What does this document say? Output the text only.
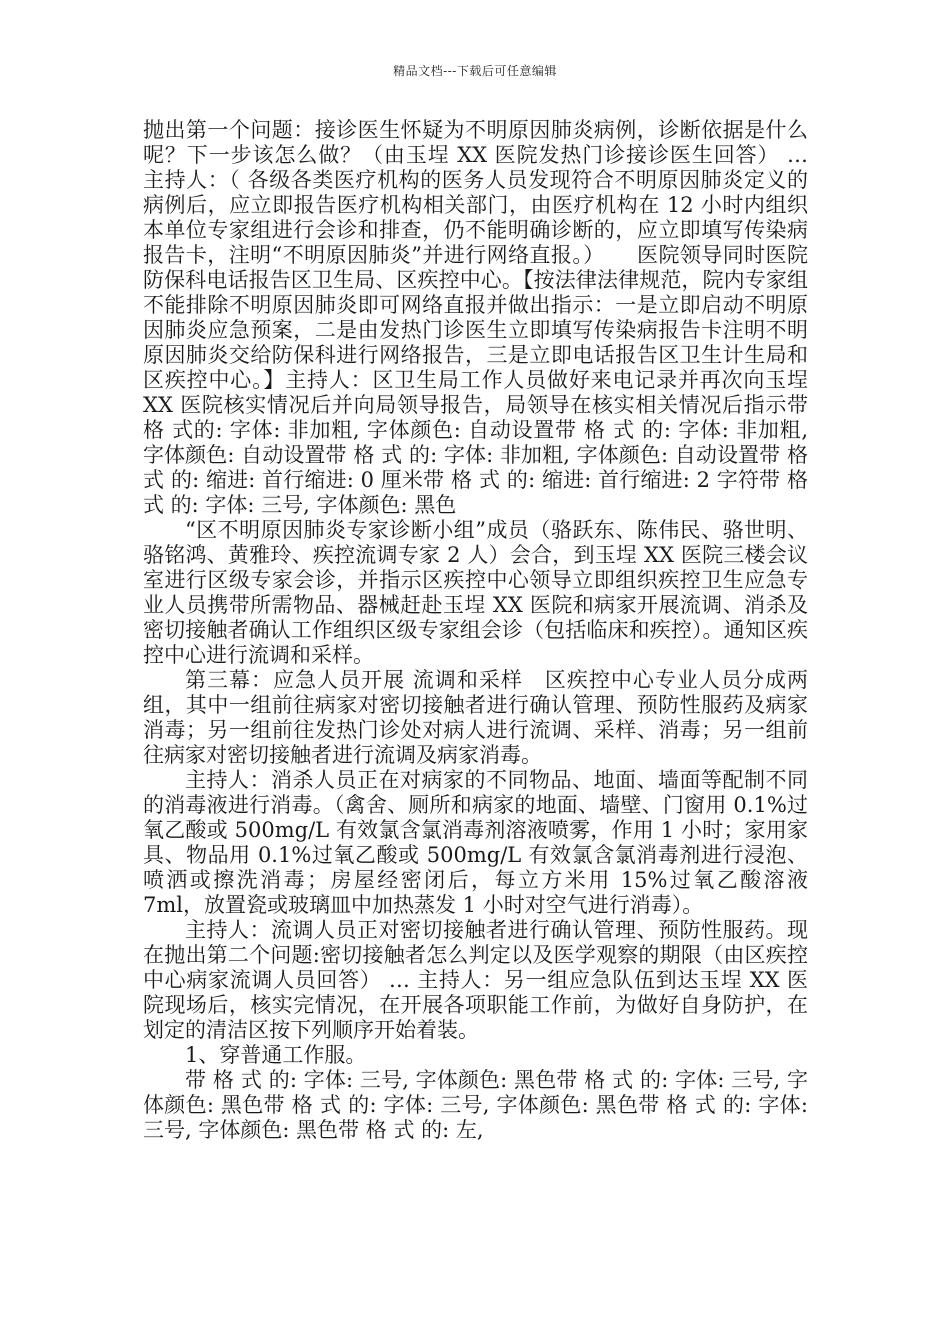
精品文档---下载后可任意编辑

抛出第一个问题：接诊医生怀疑为不明原因肺炎病例，诊断依据是什么呢？下一步该怎么做？（由玉埕 XX 医院发热门诊接诊医生回答） … 主持人：（ 各级各类医疗机构的医务人员发现符合不明原因肺炎定义的病例后，应立即报告医疗机构相关部门，由医疗机构在 12 小时内组织本单位专家组进行会诊和排查，仍不能明确诊断的，应立即填写传染病报告卡，注明“不明原因肺炎”并进行网络直报。）　　医院领导同时医院防保科电话报告区卫生局、区疾控中心。【按法律法律规范，院内专家组不能排除不明原因肺炎即可网络直报并做出指示：一是立即启动不明原因肺炎应急预案，二是由发热门诊医生立即填写传染病报告卡注明不明原因肺炎交给防保科进行网络报告，三是立即电话报告区卫生计生局和区疾控中心。】主持人：区卫生局工作人员做好来电记录并再次向玉埕 XX 医院核实情况后并向局领导报告，局领导在核实相关情况后指示带 格 式的: 字体: 非加粗, 字体颜色: 自动设置带 格 式 的: 字体: 非加粗, 字体颜色: 自动设置带 格 式 的: 字体: 非加粗, 字体颜色: 自动设置带 格 式 的: 缩进: 首行缩进: 0 厘米带 格 式 的: 缩进: 首行缩进: 2 字符带 格 式 的: 字体: 三号, 字体颜色: 黑色

“区不明原因肺炎专家诊断小组”成员（骆跃东、陈伟民、骆世明、骆铭鸿、黄雅玲、疾控流调专家 2 人）会合，到玉埕 XX 医院三楼会议室进行区级专家会诊，并指示区疾控中心领导立即组织疾控卫生应急专业人员携带所需物品、器械赶赴玉埕 XX 医院和病家开展流调、消杀及密切接触者确认工作组织区级专家组会诊（包括临床和疾控）。通知区疾控中心进行流调和采样。

第三幕：应急人员开展 流调和采样　区疾控中心专业人员分成两组，其中一组前往病家对密切接触者进行确认管理、预防性服药及病家消毒；另一组前往发热门诊处对病人进行流调、采样、消毒；另一组前往病家对密切接触者进行流调及病家消毒。

主持人：消杀人员正在对病家的不同物品、地面、墙面等配制不同的消毒液进行消毒。（禽舍、厕所和病家的地面、墙壁、门窗用 0.1%过氧乙酸或 500mg/L 有效氯含氯消毒剂溶液喷雾，作用 1 小时；家用家具、物品用 0.1%过氧乙酸或 500mg/L 有效氯含氯消毒剂进行浸泡、喷洒或擦洗消毒；房屋经密闭后，每立方米用 15%过氧乙酸溶液 7ml，放置瓷或玻璃皿中加热蒸发 1 小时对空气进行消毒）。

主持人：流调人员正对密切接触者进行确认管理、预防性服药。现在抛出第二个问题:密切接触者怎么判定以及医学观察的期限（由区疾控中心病家流调人员回答） … 主持人：另一组应急队伍到达玉埕 XX 医院现场后，核实完情况，在开展各项职能工作前，为做好自身防护，在划定的清洁区按下列顺序开始着装。

1、穿普通工作服。

带 格 式 的: 字体: 三号, 字体颜色: 黑色带 格 式 的: 字体: 三号, 字体颜色: 黑色带 格 式 的: 字体: 三号, 字体颜色: 黑色带 格 式 的: 字体: 三号, 字体颜色: 黑色带 格 式 的: 左,
